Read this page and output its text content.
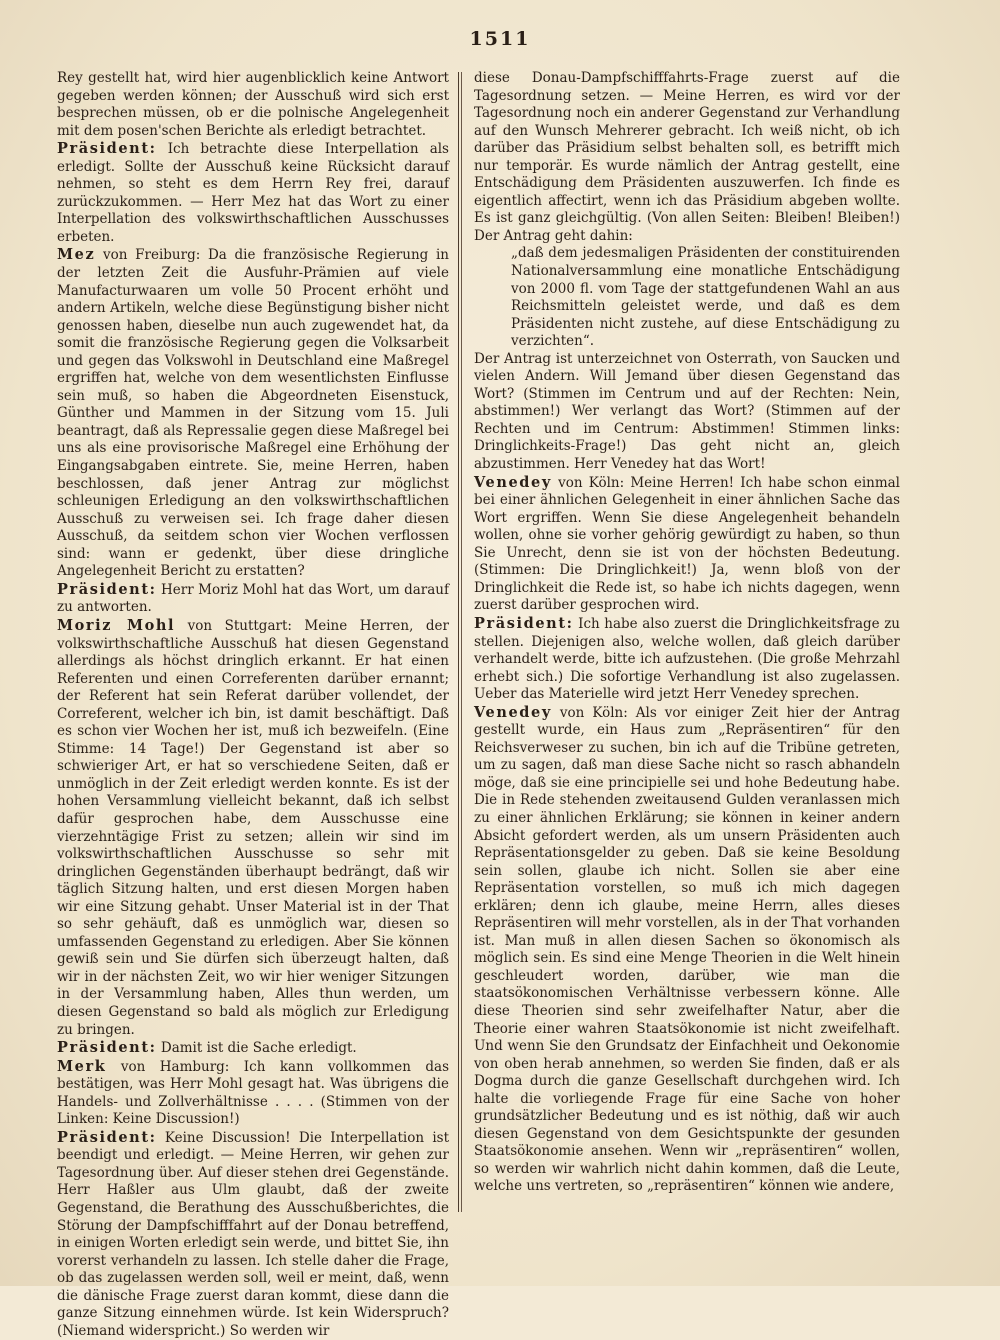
1511

Rey gestellt hat, wird hier augenblicklich keine Antwort gegeben werden können; der Ausschuß wird sich erst besprechen müssen, ob er die polnische Angelegenheit mit dem posen'schen Berichte als erledigt betrachtet.

Präsident: Ich betrachte diese Interpellation als erledigt. Sollte der Ausschuß keine Rücksicht darauf nehmen, so steht es dem Herrn Rey frei, darauf zurückzukommen. — Herr Mez hat das Wort zu einer Interpellation des volkswirthschaftlichen Ausschusses erbeten.

Mez von Freiburg: Da die französische Regierung in der letzten Zeit die Ausfuhr-Prämien auf viele Manufacturwaaren um volle 50 Procent erhöht und andern Artikeln, welche diese Begünstigung bisher nicht genossen haben, dieselbe nun auch zugewendet hat, da somit die französische Regierung gegen die Volksarbeit und gegen das Volkswohl in Deutschland eine Maßregel ergriffen hat, welche von dem wesentlichsten Einflusse sein muß, so haben die Abgeordneten Eisenstuck, Günther und Mammen in der Sitzung vom 15. Juli beantragt, daß als Repressalie gegen diese Maßregel bei uns als eine provisorische Maßregel eine Erhöhung der Eingangsabgaben eintrete. Sie, meine Herren, haben beschlossen, daß jener Antrag zur möglichst schleunigen Erledigung an den volkswirthschaftlichen Ausschuß zu verweisen sei. Ich frage daher diesen Ausschuß, da seitdem schon vier Wochen verflossen sind: wann er gedenkt, über diese dringliche Angelegenheit Bericht zu erstatten?

Präsident: Herr Moriz Mohl hat das Wort, um darauf zu antworten.

Moriz Mohl von Stuttgart: Meine Herren, der volkswirthschaftliche Ausschuß hat diesen Gegenstand allerdings als höchst dringlich erkannt. Er hat einen Referenten und einen Correferenten darüber ernannt; der Referent hat sein Referat darüber vollendet, der Correferent, welcher ich bin, ist damit beschäftigt. Daß es schon vier Wochen her ist, muß ich bezweifeln. (Eine Stimme: 14 Tage!) Der Gegenstand ist aber so schwieriger Art, er hat so verschiedene Seiten, daß er unmöglich in der Zeit erledigt werden konnte. Es ist der hohen Versammlung vielleicht bekannt, daß ich selbst dafür gesprochen habe, dem Ausschusse eine vierzehntägige Frist zu setzen; allein wir sind im volkswirthschaftlichen Ausschusse so sehr mit dringlichen Gegenständen überhaupt bedrängt, daß wir täglich Sitzung halten, und erst diesen Morgen haben wir eine Sitzung gehabt. Unser Material ist in der That so sehr gehäuft, daß es unmöglich war, diesen so umfassenden Gegenstand zu erledigen. Aber Sie können gewiß sein und Sie dürfen sich überzeugt halten, daß wir in der nächsten Zeit, wo wir hier weniger Sitzungen in der Versammlung haben, Alles thun werden, um diesen Gegenstand so bald als möglich zur Erledigung zu bringen.

Präsident: Damit ist die Sache erledigt.

Merk von Hamburg: Ich kann vollkommen das bestätigen, was Herr Mohl gesagt hat. Was übrigens die Handels- und Zollverhältnisse . . . . (Stimmen von der Linken: Keine Discussion!)

Präsident: Keine Discussion! Die Interpellation ist beendigt und erledigt. — Meine Herren, wir gehen zur Tagesordnung über. Auf dieser stehen drei Gegenstände. Herr Haßler aus Ulm glaubt, daß der zweite Gegenstand, die Berathung des Ausschußberichtes, die Störung der Dampfschifffahrt auf der Donau betreffend, in einigen Worten erledigt sein werde, und bittet Sie, ihn vorerst verhandeln zu lassen. Ich stelle daher die Frage, ob das zugelassen werden soll, weil er meint, daß, wenn die dänische Frage zuerst daran kommt, diese dann die ganze Sitzung einnehmen würde. Ist kein Widerspruch? (Niemand widerspricht.) So werden wir

diese Donau-Dampfschifffahrts-Frage zuerst auf die Tagesordnung setzen. — Meine Herren, es wird vor der Tagesordnung noch ein anderer Gegenstand zur Verhandlung auf den Wunsch Mehrerer gebracht. Ich weiß nicht, ob ich darüber das Präsidium selbst behalten soll, es betrifft mich nur temporär. Es wurde nämlich der Antrag gestellt, eine Entschädigung dem Präsidenten auszuwerfen. Ich finde es eigentlich affectirt, wenn ich das Präsidium abgeben wollte. Es ist ganz gleichgültig. (Von allen Seiten: Bleiben! Bleiben!) Der Antrag geht dahin:

„daß dem jedesmaligen Präsidenten der constituirenden Nationalversammlung eine monatliche Entschädigung von 2000 fl. vom Tage der stattgefundenen Wahl an aus Reichsmitteln geleistet werde, und daß es dem Präsidenten nicht zustehe, auf diese Entschädigung zu verzichten“.

Der Antrag ist unterzeichnet von Osterrath, von Saucken und vielen Andern. Will Jemand über diesen Gegenstand das Wort? (Stimmen im Centrum und auf der Rechten: Nein, abstimmen!) Wer verlangt das Wort? (Stimmen auf der Rechten und im Centrum: Abstimmen! Stimmen links: Dringlichkeits-Frage!) Das geht nicht an, gleich abzustimmen. Herr Venedey hat das Wort!

Venedey von Köln: Meine Herren! Ich habe schon einmal bei einer ähnlichen Gelegenheit in einer ähnlichen Sache das Wort ergriffen. Wenn Sie diese Angelegenheit behandeln wollen, ohne sie vorher gehörig gewürdigt zu haben, so thun Sie Unrecht, denn sie ist von der höchsten Bedeutung. (Stimmen: Die Dringlichkeit!) Ja, wenn bloß von der Dringlichkeit die Rede ist, so habe ich nichts dagegen, wenn zuerst darüber gesprochen wird.

Präsident: Ich habe also zuerst die Dringlichkeitsfrage zu stellen. Diejenigen also, welche wollen, daß gleich darüber verhandelt werde, bitte ich aufzustehen. (Die große Mehrzahl erhebt sich.) Die sofortige Verhandlung ist also zugelassen. Ueber das Materielle wird jetzt Herr Venedey sprechen.

Venedey von Köln: Als vor einiger Zeit hier der Antrag gestellt wurde, ein Haus zum „Repräsentiren“ für den Reichsverweser zu suchen, bin ich auf die Tribüne getreten, um zu sagen, daß man diese Sache nicht so rasch abhandeln möge, daß sie eine principielle sei und hohe Bedeutung habe. Die in Rede stehenden zweitausend Gulden veranlassen mich zu einer ähnlichen Erklärung; sie können in keiner andern Absicht gefordert werden, als um unsern Präsidenten auch Repräsentationsgelder zu geben. Daß sie keine Besoldung sein sollen, glaube ich nicht. Sollen sie aber eine Repräsentation vorstellen, so muß ich mich dagegen erklären; denn ich glaube, meine Herrn, alles dieses Repräsentiren will mehr vorstellen, als in der That vorhanden ist. Man muß in allen diesen Sachen so ökonomisch als möglich sein. Es sind eine Menge Theorien in die Welt hinein geschleudert worden, darüber, wie man die staatsökonomischen Verhältnisse verbessern könne. Alle diese Theorien sind sehr zweifelhafter Natur, aber die Theorie einer wahren Staatsökonomie ist nicht zweifelhaft. Und wenn Sie den Grundsatz der Einfachheit und Oekonomie von oben herab annehmen, so werden Sie finden, daß er als Dogma durch die ganze Gesellschaft durchgehen wird. Ich halte die vorliegende Frage für eine Sache von hoher grundsätzlicher Bedeutung und es ist nöthig, daß wir auch diesen Gegenstand von dem Gesichtspunkte der gesunden Staatsökonomie ansehen. Wenn wir „repräsentiren“ wollen, so werden wir wahrlich nicht dahin kommen, daß die Leute, welche uns vertreten, so „repräsentiren“ können wie andere,
